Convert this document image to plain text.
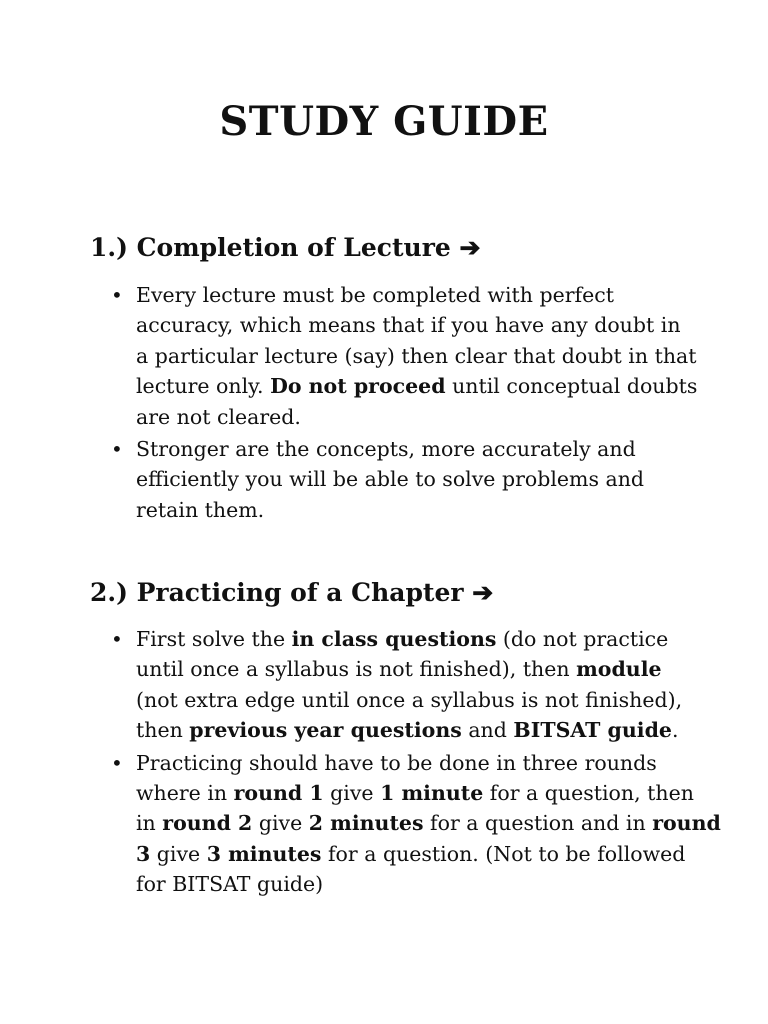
STUDY GUIDE
1.) Completion of Lecture ➔
• Every lecture must be completed with perfect
accuracy, which means that if you have any doubt in
a particular lecture (say) then clear that doubt in that
lecture only. Do not proceed until conceptual doubts
are not cleared.
• Stronger are the concepts, more accurately and
efficiently you will be able to solve problems and
retain them.
2.) Practicing of a Chapter ➔
• First solve the in class questions (do not practice
until once a syllabus is not finished), then module
(not extra edge until once a syllabus is not finished),
then previous year questions and BITSAT guide.
• Practicing should have to be done in three rounds
where in round 1 give 1 minute for a question, then
in round 2 give 2 minutes for a question and in round
3 give 3 minutes for a question. (Not to be followed
for BITSAT guide)
